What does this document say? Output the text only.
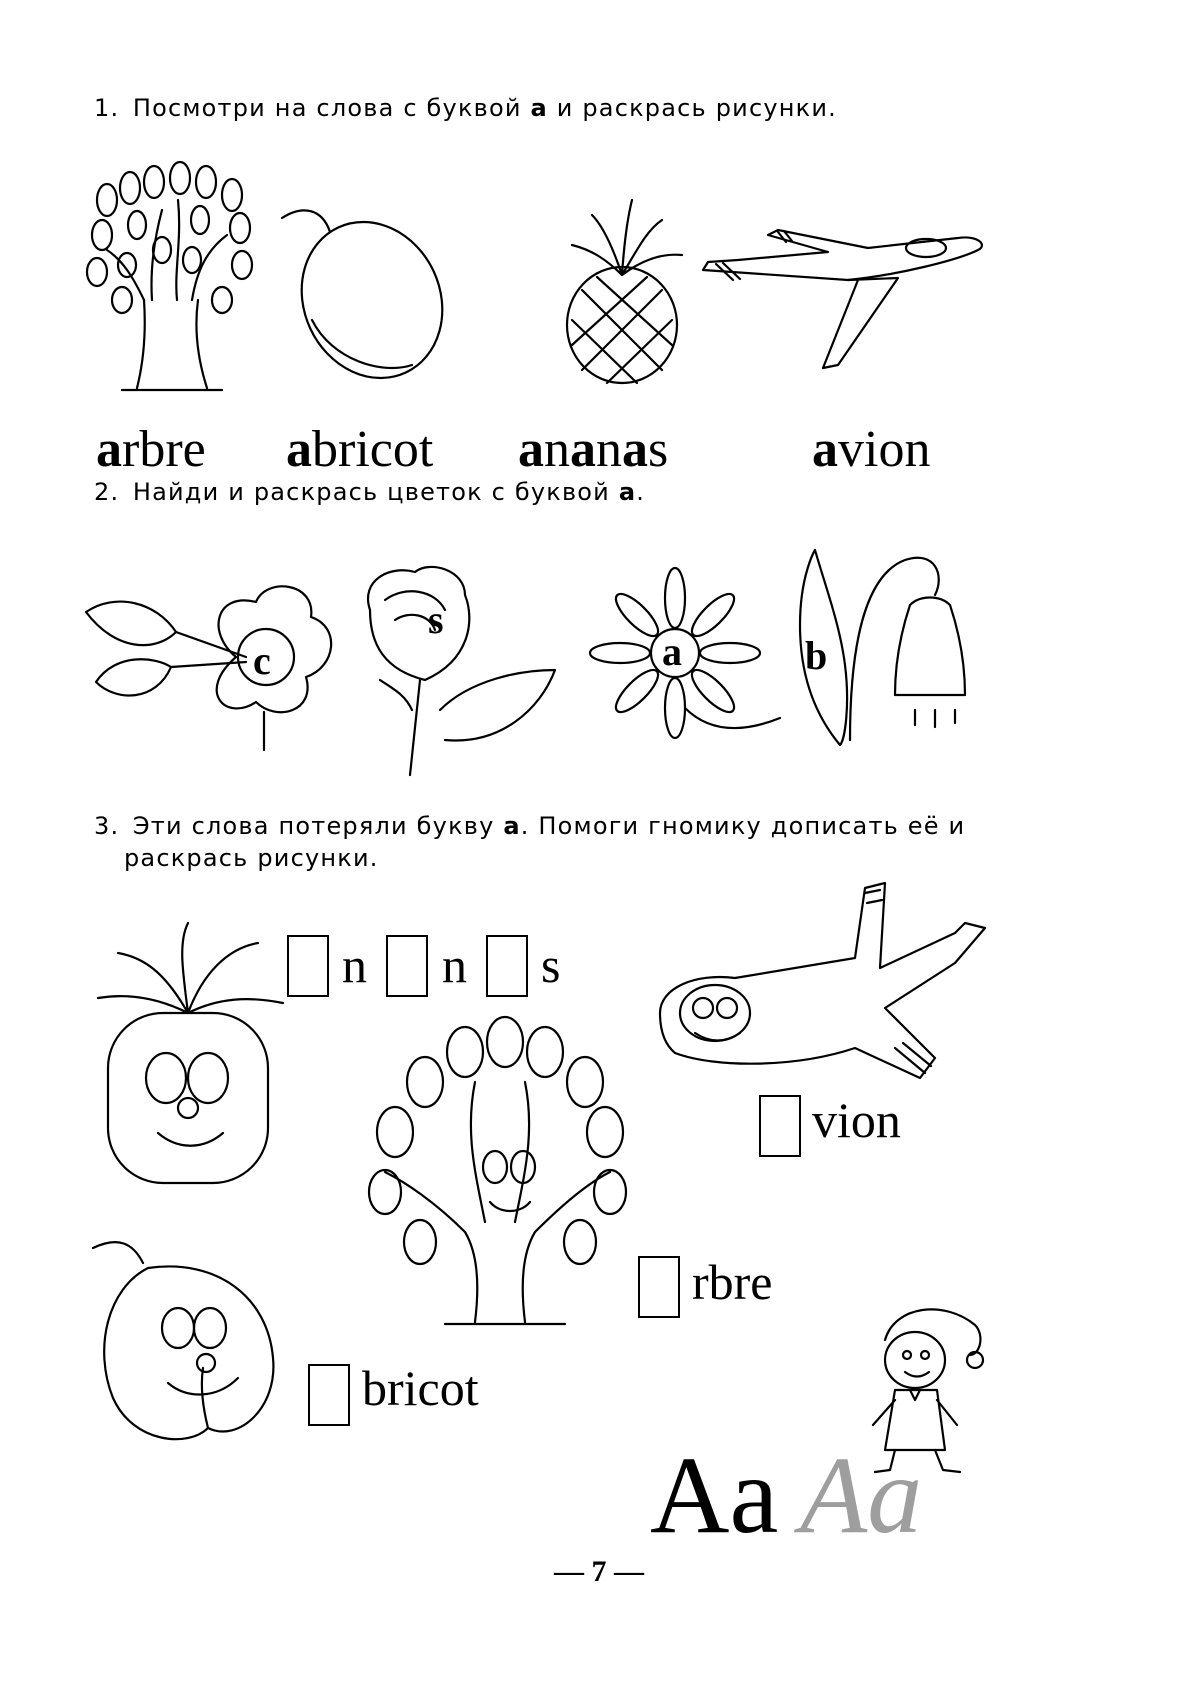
1. Посмотри на слова с буквой а и раскрась рисунки.
arbre abricot ananas	avion
2. Найди и раскрась цветок с буквой а.
c
s
a	b
3. Эти слова потеряли букву а. Помоги гномику дописать её и
раскрась рисунки.
n n s
vion
rbre
bricot
Aa Aa
— 7 —
